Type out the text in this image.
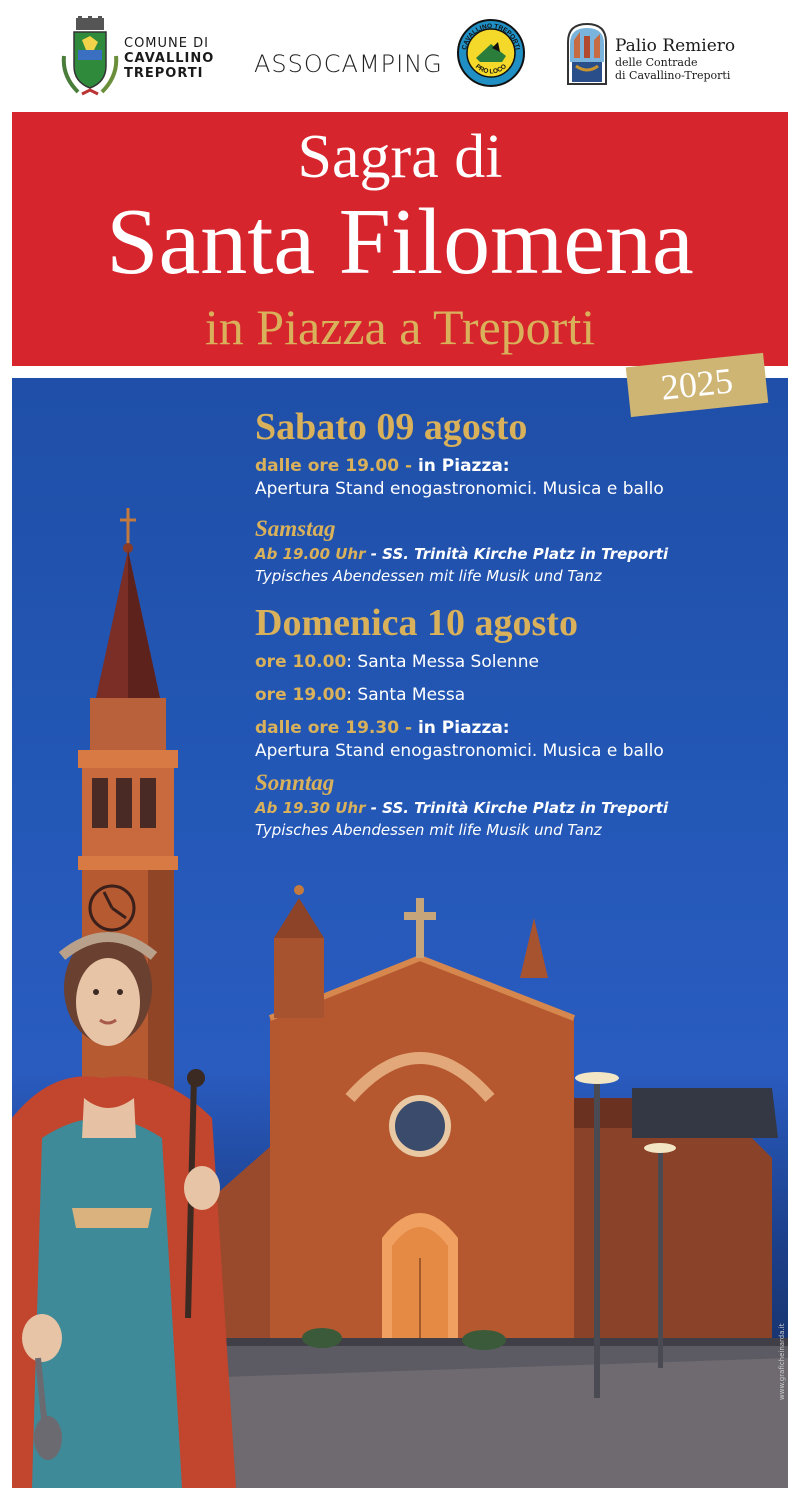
COMUNE DI
CAVALLINO
TREPORTI	ASSOCAMPING
CAVALLINO TREPORTI
PRO LOCO
Palio Remiero
delle Contrade
di Cavallino-Treporti
Sagra di
Santa Filomena
in Piazza a Treporti
2025

Sabato 09 agosto

dalle ore 19.00 - in Piazza:

Apertura Stand enogastronomici. Musica e ballo

Samstag

Ab 19.00 Uhr - SS. Trinità Kirche Platz in Treporti

Typisches Abendessen mit life Musik und Tanz

Domenica 10 agosto

ore 10.00: Santa Messa Solenne

ore 19.00: Santa Messa

dalle ore 19.30 - in Piazza:

Apertura Stand enogastronomici. Musica e ballo

Sonntag

Ab 19.30 Uhr - SS. Trinità Kirche Platz in Treporti

Typisches Abendessen mit life Musik und Tanz

www.graficheinarda.it
